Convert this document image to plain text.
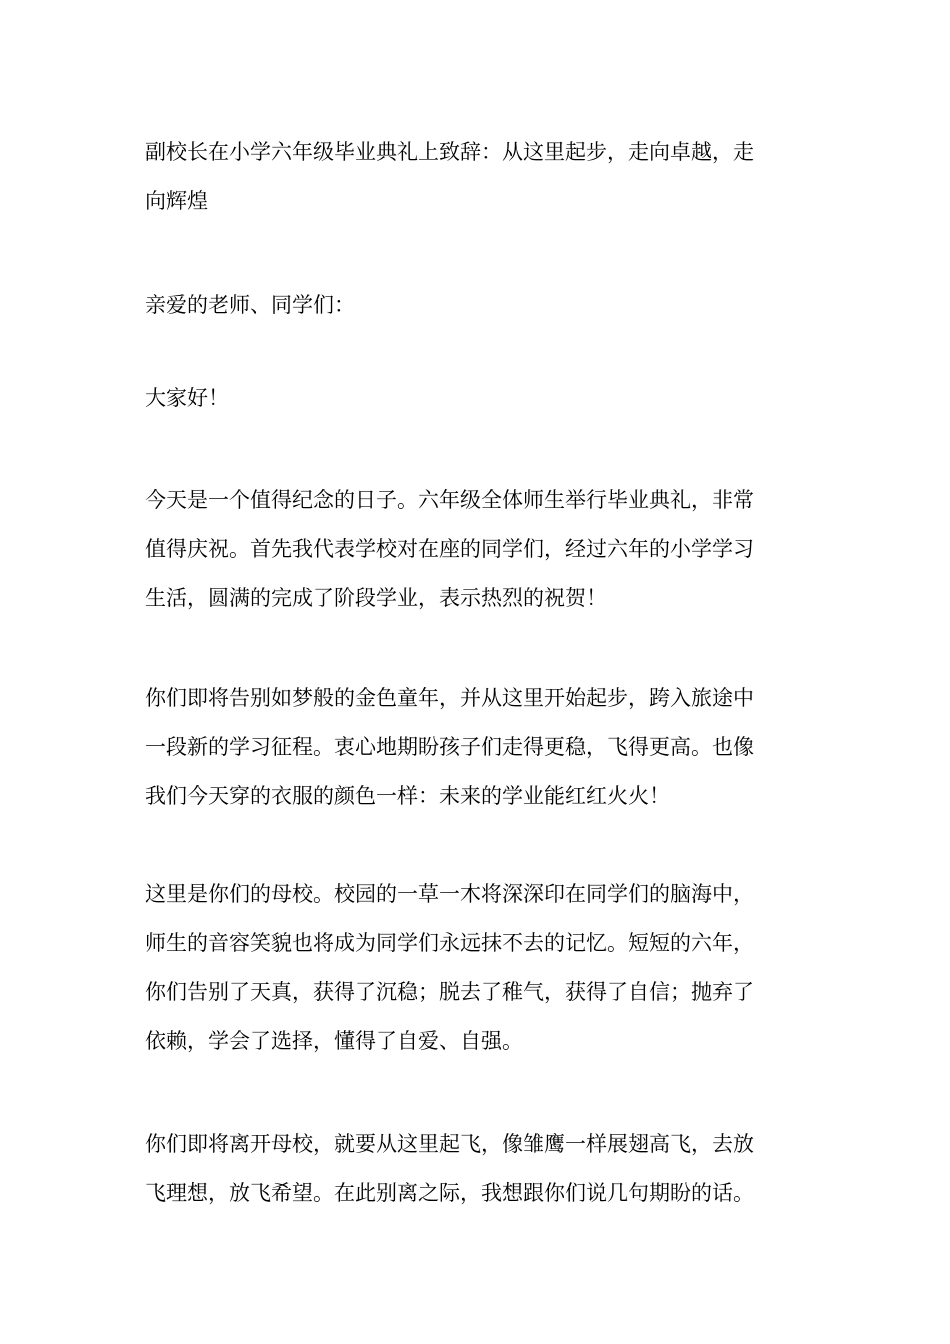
副校长在小学六年级毕业典礼上致辞：从这里起步，走向卓越，走
向辉煌

亲爱的老师、同学们：

大家好！

今天是一个值得纪念的日子。六年级全体师生举行毕业典礼，非常
值得庆祝。首先我代表学校对在座的同学们，经过六年的小学学习
生活，圆满的完成了阶段学业，表示热烈的祝贺！

你们即将告别如梦般的金色童年，并从这里开始起步，跨入旅途中
一段新的学习征程。衷心地期盼孩子们走得更稳，飞得更高。也像
我们今天穿的衣服的颜色一样：未来的学业能红红火火！

这里是你们的母校。校园的一草一木将深深印在同学们的脑海中，
师生的音容笑貌也将成为同学们永远抹不去的记忆。短短的六年，
你们告别了天真，获得了沉稳；脱去了稚气，获得了自信；抛弃了
依赖，学会了选择，懂得了自爱、自强。

你们即将离开母校，就要从这里起飞，像雏鹰一样展翅高飞，去放
飞理想，放飞希望。在此别离之际，我想跟你们说几句期盼的话。
